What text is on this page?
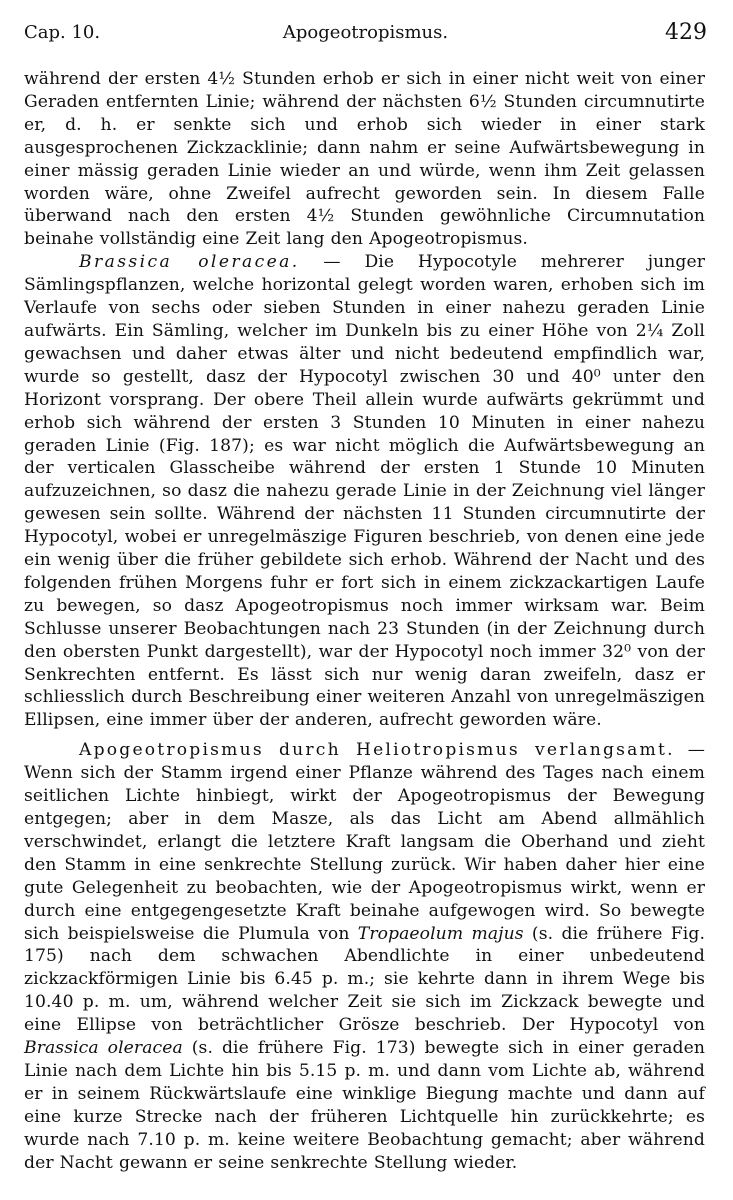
Cap. 10.	Apogeotropismus.	429

während der ersten 4½ Stunden erhob er sich in einer nicht weit von einer Geraden entfernten Linie; während der nächsten 6½ Stunden circumnutirte er, d. h. er senkte sich und erhob sich wieder in einer stark ausgesprochenen Zickzacklinie; dann nahm er seine Aufwärtsbewegung in einer mässig geraden Linie wieder an und würde, wenn ihm Zeit gelassen worden wäre, ohne Zweifel aufrecht geworden sein. In diesem Falle überwand nach den ersten 4½ Stunden gewöhnliche Circumnutation beinahe vollständig eine Zeit lang den Apogeotropismus.

Brassica oleracea. — Die Hypocotyle mehrerer junger Sämlingspflanzen, welche horizontal gelegt worden waren, erhoben sich im Verlaufe von sechs oder sieben Stunden in einer nahezu geraden Linie aufwärts. Ein Sämling, welcher im Dunkeln bis zu einer Höhe von 2¼ Zoll gewachsen und daher etwas älter und nicht bedeutend empfindlich war, wurde so gestellt, dasz der Hypocotyl zwischen 30 und 40⁰ unter den Horizont vorsprang. Der obere Theil allein wurde aufwärts gekrümmt und erhob sich während der ersten 3 Stunden 10 Minuten in einer nahezu geraden Linie (Fig. 187); es war nicht möglich die Aufwärtsbewegung an der verticalen Glasscheibe während der ersten 1 Stunde 10 Minuten aufzuzeichnen, so dasz die nahezu gerade Linie in der Zeichnung viel länger gewesen sein sollte. Während der nächsten 11 Stunden circumnutirte der Hypocotyl, wobei er unregelmäszige Figuren beschrieb, von denen eine jede ein wenig über die früher gebildete sich erhob. Während der Nacht und des folgenden frühen Morgens fuhr er fort sich in einem zickzackartigen Laufe zu bewegen, so dasz Apogeotropismus noch immer wirksam war. Beim Schlusse unserer Beobachtungen nach 23 Stunden (in der Zeichnung durch den obersten Punkt dargestellt), war der Hypocotyl noch immer 32⁰ von der Senkrechten entfernt. Es lässt sich nur wenig daran zweifeln, dasz er schliesslich durch Beschreibung einer weiteren Anzahl von unregelmäszigen Ellipsen, eine immer über der anderen, aufrecht geworden wäre.

Apogeotropismus durch Heliotropismus verlangsamt. — Wenn sich der Stamm irgend einer Pflanze während des Tages nach einem seitlichen Lichte hinbiegt, wirkt der Apogeotropismus der Bewegung entgegen; aber in dem Masze, als das Licht am Abend allmählich verschwindet, erlangt die letztere Kraft langsam die Oberhand und zieht den Stamm in eine senkrechte Stellung zurück. Wir haben daher hier eine gute Gelegenheit zu beobachten, wie der Apogeotropismus wirkt, wenn er durch eine entgegengesetzte Kraft beinahe aufgewogen wird. So bewegte sich beispielsweise die Plumula von Tropaeolum majus (s. die frühere Fig. 175) nach dem schwachen Abendlichte in einer unbedeutend zickzackförmigen Linie bis 6.45 p. m.; sie kehrte dann in ihrem Wege bis 10.40 p. m. um, während welcher Zeit sie sich im Zickzack bewegte und eine Ellipse von beträchtlicher Grösze beschrieb. Der Hypocotyl von Brassica oleracea (s. die frühere Fig. 173) bewegte sich in einer geraden Linie nach dem Lichte hin bis 5.15 p. m. und dann vom Lichte ab, während er in seinem Rückwärtslaufe eine winklige Biegung machte und dann auf eine kurze Strecke nach der früheren Lichtquelle hin zurückkehrte; es wurde nach 7.10 p. m. keine weitere Beobachtung gemacht; aber während der Nacht gewann er seine senkrechte Stellung wieder.
